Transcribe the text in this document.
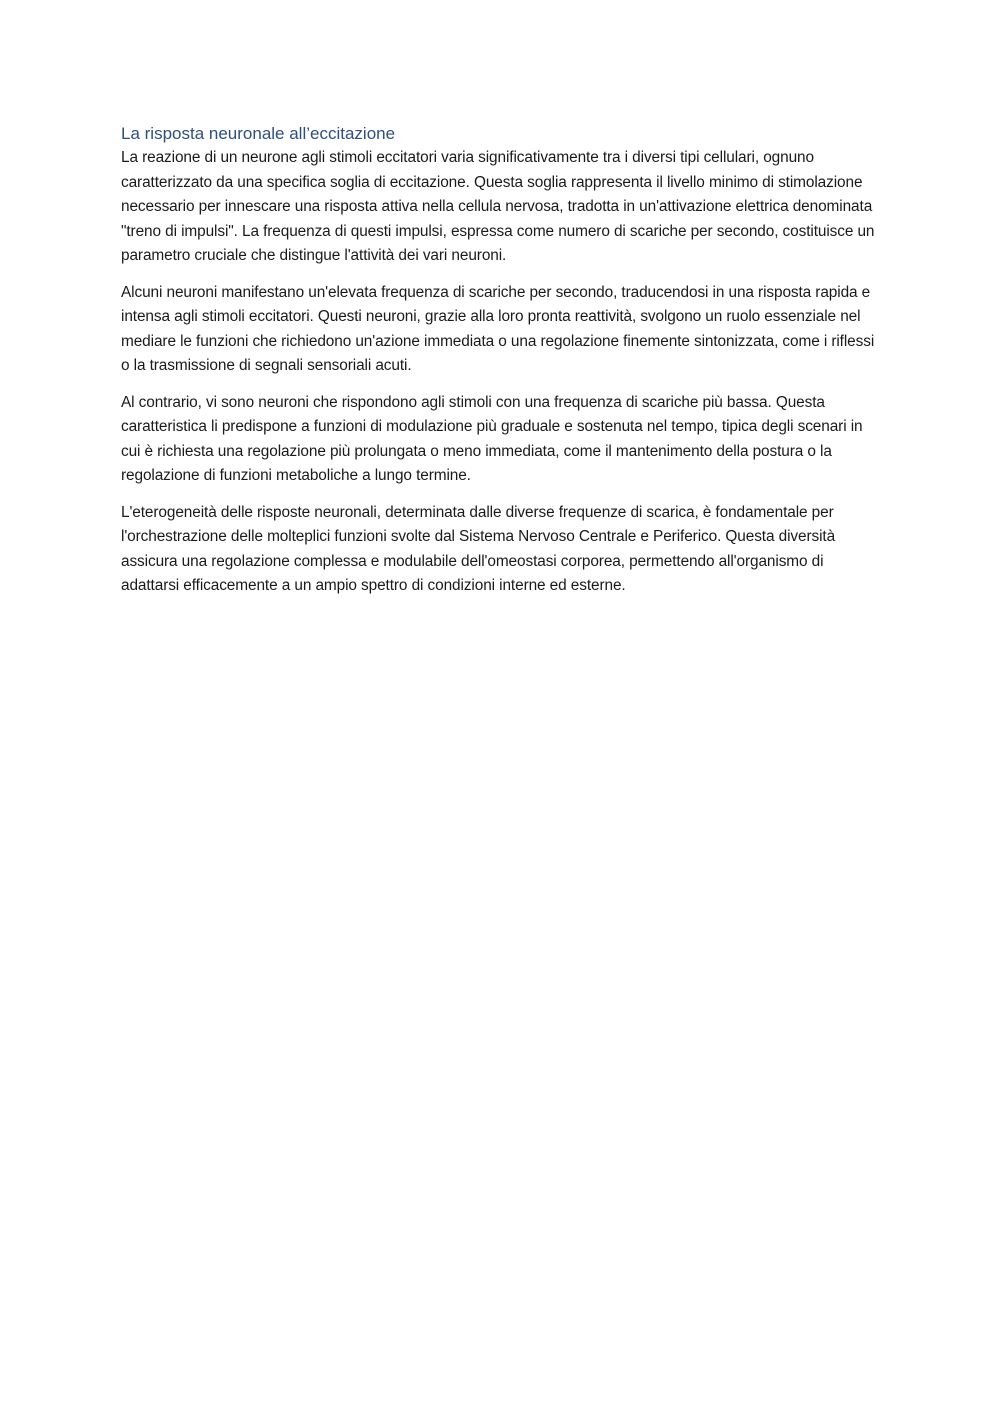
La risposta neuronale all’eccitazione

La reazione di un neurone agli stimoli eccitatori varia significativamente tra i diversi tipi cellulari, ognuno caratterizzato da una specifica soglia di eccitazione. Questa soglia rappresenta il livello minimo di stimolazione necessario per innescare una risposta attiva nella cellula nervosa, tradotta in un'attivazione elettrica denominata "treno di impulsi". La frequenza di questi impulsi, espressa come numero di scariche per secondo, costituisce un parametro cruciale che distingue l'attività dei vari neuroni.

Alcuni neuroni manifestano un'elevata frequenza di scariche per secondo, traducendosi in una risposta rapida e intensa agli stimoli eccitatori. Questi neuroni, grazie alla loro pronta reattività, svolgono un ruolo essenziale nel mediare le funzioni che richiedono un'azione immediata o una regolazione finemente sintonizzata, come i riflessi o la trasmissione di segnali sensoriali acuti.

Al contrario, vi sono neuroni che rispondono agli stimoli con una frequenza di scariche più bassa. Questa caratteristica li predispone a funzioni di modulazione più graduale e sostenuta nel tempo, tipica degli scenari in cui è richiesta una regolazione più prolungata o meno immediata, come il mantenimento della postura o la regolazione di funzioni metaboliche a lungo termine.

L'eterogeneità delle risposte neuronali, determinata dalle diverse frequenze di scarica, è fondamentale per l'orchestrazione delle molteplici funzioni svolte dal Sistema Nervoso Centrale e Periferico. Questa diversità assicura una regolazione complessa e modulabile dell'omeostasi corporea, permettendo all'organismo di adattarsi efficacemente a un ampio spettro di condizioni interne ed esterne.
